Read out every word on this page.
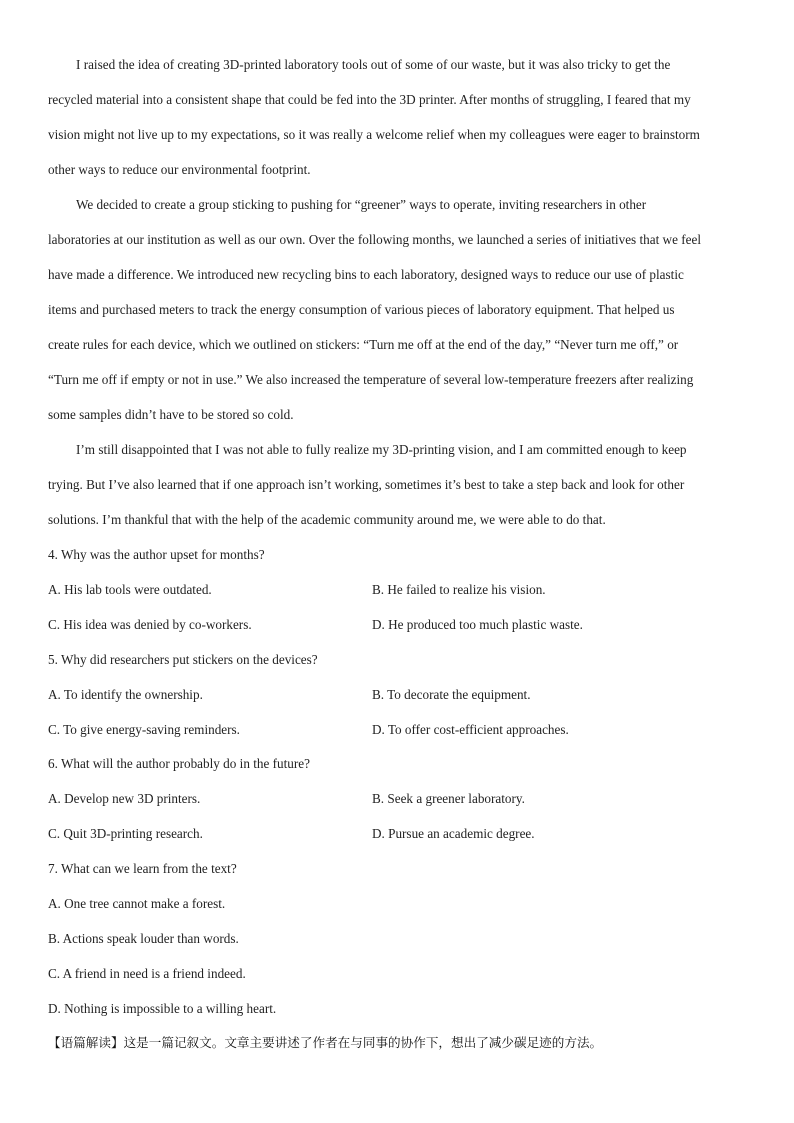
I raised the idea of creating 3D-printed laboratory tools out of some of our waste, but it was also tricky to get the
recycled material into a consistent shape that could be fed into the 3D printer. After months of struggling, I feared that my
vision might not live up to my expectations, so it was really a welcome relief when my colleagues were eager to brainstorm
other ways to reduce our environmental footprint.
We decided to create a group sticking to pushing for “greener” ways to operate, inviting researchers in other
laboratories at our institution as well as our own. Over the following months, we launched a series of initiatives that we feel
have made a difference. We introduced new recycling bins to each laboratory, designed ways to reduce our use of plastic
items and purchased meters to track the energy consumption of various pieces of laboratory equipment. That helped us
create rules for each device, which we outlined on stickers: “Turn me off at the end of the day,” “Never turn me off,” or
“Turn me off if empty or not in use.” We also increased the temperature of several low-temperature freezers after realizing
some samples didn’t have to be stored so cold.
I’m still disappointed that I was not able to fully realize my 3D-printing vision, and I am committed enough to keep
trying. But I’ve also learned that if one approach isn’t working, sometimes it’s best to take a step back and look for other
solutions. I’m thankful that with the help of the academic community around me, we were able to do that.
4. Why was the author upset for months?
A. His lab tools were outdated.	B. He failed to realize his vision.
C. His idea was denied by co-workers.	D. He produced too much plastic waste.
5. Why did researchers put stickers on the devices?
A. To identify the ownership.	B. To decorate the equipment.
C. To give energy-saving reminders.	D. To offer cost-efficient approaches.
6. What will the author probably do in the future?
A. Develop new 3D printers.	B. Seek a greener laboratory.
C. Quit 3D-printing research.	D. Pursue an academic degree.
7. What can we learn from the text?
A. One tree cannot make a forest.
B. Actions speak louder than words.
C. A friend in need is a friend indeed.
D. Nothing is impossible to a willing heart.
【语篇解读】这是一篇记叙文。文章主要讲述了作者在与同事的协作下，想出了减少碳足迹的方法。
